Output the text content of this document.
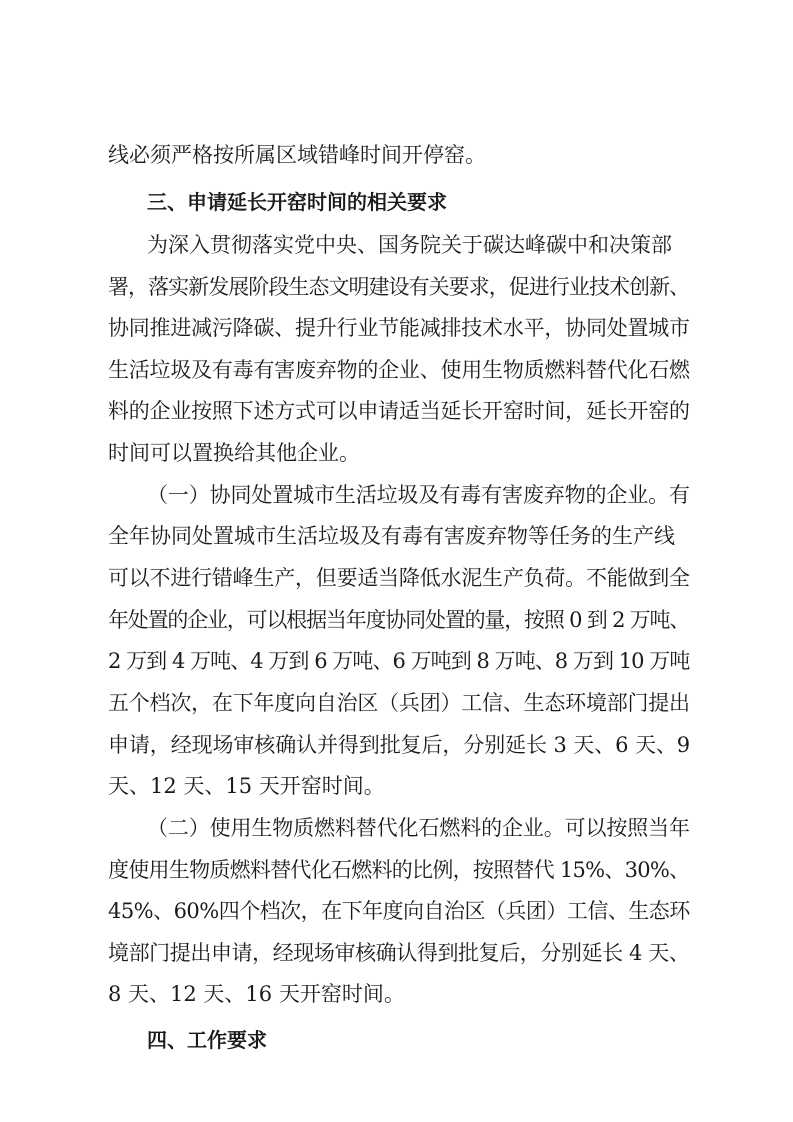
线必须严格按所属区域错峰时间开停窑。
三、申请延长开窑时间的相关要求
为深入贯彻落实党中央、国务院关于碳达峰碳中和决策部
署，落实新发展阶段生态文明建设有关要求，促进行业技术创新、
协同推进减污降碳、提升行业节能减排技术水平，协同处置城市
生活垃圾及有毒有害废弃物的企业、使用生物质燃料替代化石燃
料的企业按照下述方式可以申请适当延长开窑时间，延长开窑的
时间可以置换给其他企业。
（一）协同处置城市生活垃圾及有毒有害废弃物的企业。有
全年协同处置城市生活垃圾及有毒有害废弃物等任务的生产线
可以不进行错峰生产，但要适当降低水泥生产负荷。不能做到全
年处置的企业，可以根据当年度协同处置的量，按照 0 到 2 万吨、
2 万到 4 万吨、4 万到 6 万吨、6 万吨到 8 万吨、8 万到 10 万吨
五个档次，在下年度向自治区（兵团）工信、生态环境部门提出
申请，经现场审核确认并得到批复后，分别延长 3 天、6 天、9
天、12 天、15 天开窑时间。
（二）使用生物质燃料替代化石燃料的企业。可以按照当年
度使用生物质燃料替代化石燃料的比例，按照替代 15%、30%、
45%、60%四个档次，在下年度向自治区（兵团）工信、生态环
境部门提出申请，经现场审核确认得到批复后，分别延长 4 天、
8 天、12 天、16 天开窑时间。
四、工作要求
